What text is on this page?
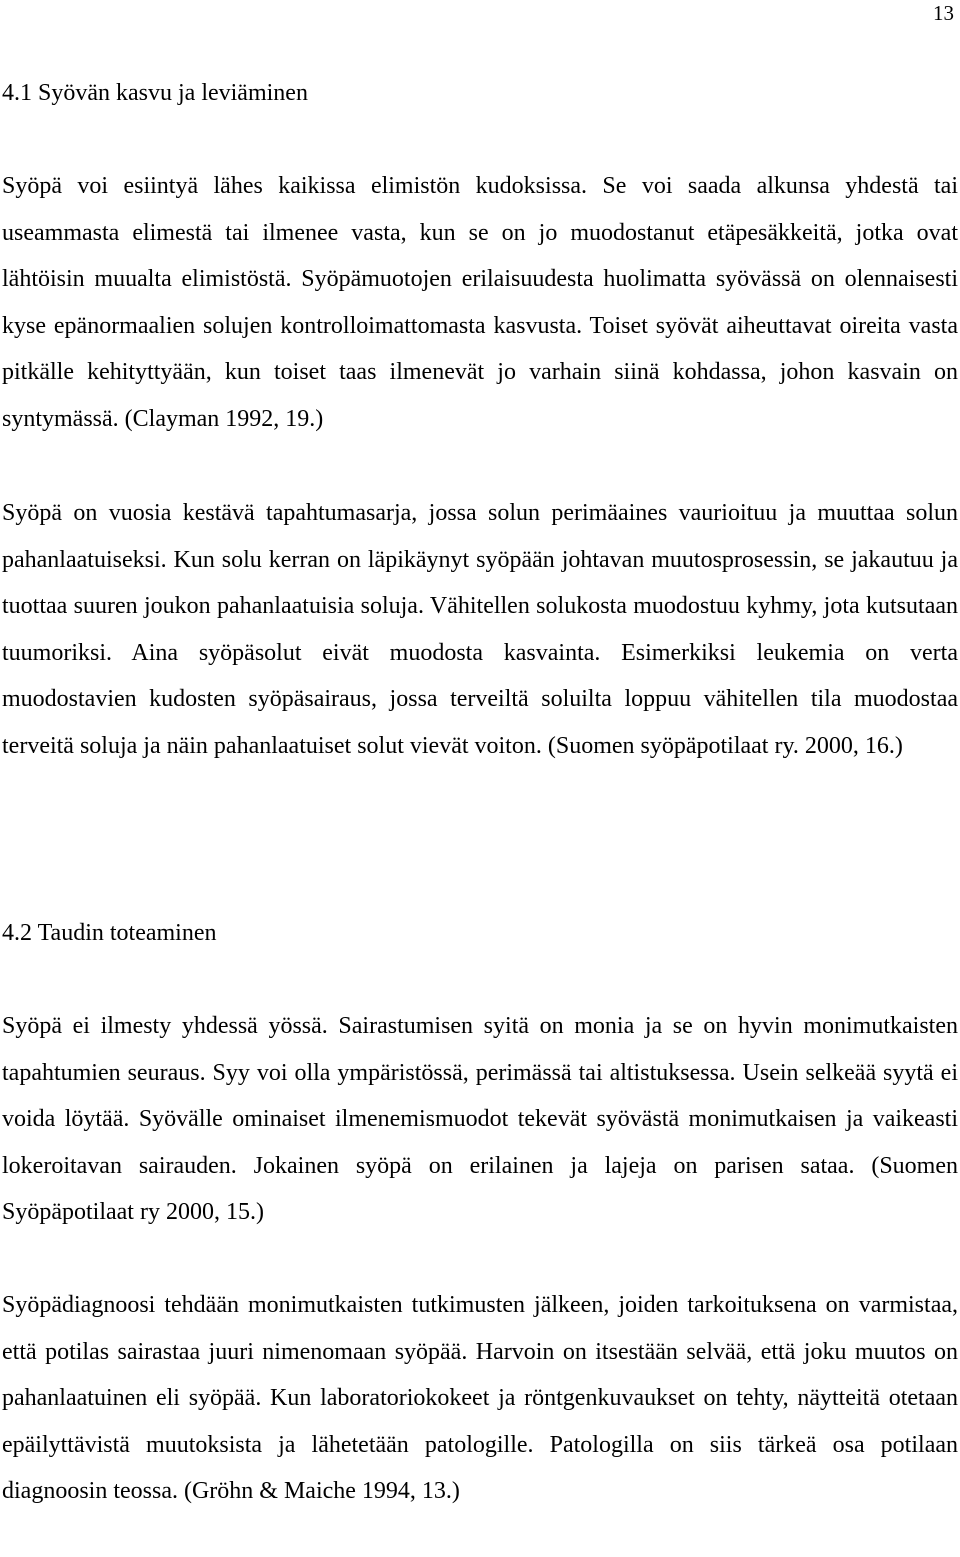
13
4.1 Syövän kasvu ja leviäminen

Syöpä voi esiintyä lähes kaikissa elimistön kudoksissa. Se voi saada alkunsa yhdestä tai useammasta elimestä tai ilmenee vasta, kun se on jo muodostanut etäpesäkkeitä, jotka ovat lähtöisin muualta elimistöstä. Syöpämuotojen erilaisuudesta huolimatta syövässä on olennaisesti kyse epänormaalien solujen kontrolloimattomasta kasvusta. Toiset syövät aiheuttavat oireita vasta pitkälle kehityttyään, kun toiset taas ilmenevät jo varhain siinä kohdassa, johon kasvain on syntymässä. (Clayman 1992, 19.)

Syöpä on vuosia kestävä tapahtumasarja, jossa solun perimäaines vaurioituu ja muuttaa solun pahanlaatuiseksi. Kun solu kerran on läpikäynyt syöpään johtavan muutosprosessin, se jakautuu ja tuottaa suuren joukon pahanlaatuisia soluja. Vähitellen solukosta muodostuu kyhmy, jota kutsutaan tuumoriksi. Aina syöpäsolut eivät muodosta kasvainta. Esimerkiksi leukemia on verta muodostavien kudosten syöpäsairaus, jossa terveiltä soluilta loppuu vähitellen tila muodostaa terveitä soluja ja näin pahanlaatuiset solut vievät voiton. (Suomen syöpäpotilaat ry. 2000, 16.)

4.2 Taudin toteaminen

Syöpä ei ilmesty yhdessä yössä. Sairastumisen syitä on monia ja se on hyvin monimutkaisten tapahtumien seuraus. Syy voi olla ympäristössä, perimässä tai altistuksessa. Usein selkeää syytä ei voida löytää. Syövälle ominaiset ilmenemismuodot tekevät syövästä monimutkaisen ja vaikeasti lokeroitavan sairauden. Jokainen syöpä on erilainen ja lajeja on parisen sataa. (Suomen Syöpäpotilaat ry 2000, 15.)

Syöpädiagnoosi tehdään monimutkaisten tutkimusten jälkeen, joiden tarkoituksena on varmistaa, että potilas sairastaa juuri nimenomaan syöpää. Harvoin on itsestään selvää, että joku muutos on pahanlaatuinen eli syöpää. Kun laboratoriokokeet ja röntgenkuvaukset on tehty, näytteitä otetaan epäilyttävistä muutoksista ja lähetetään patologille. Patologilla on siis tärkeä osa potilaan diagnoosin teossa. (Gröhn & Maiche 1994, 13.)
